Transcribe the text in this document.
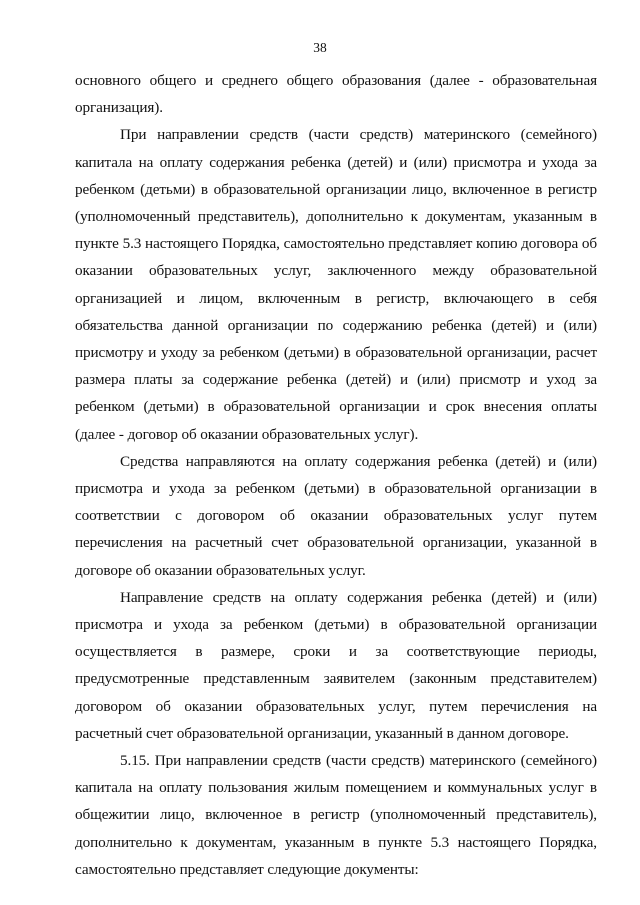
38

основного общего и среднего общего образования (далее - образовательная организация).

При направлении средств (части средств) материнского (семейного) капитала на оплату содержания ребенка (детей) и (или) присмотра и ухода за ребенком (детьми) в образовательной организации лицо, включенное в регистр (уполномоченный представитель), дополнительно к документам, указанным в пункте 5.3 настоящего Порядка, самостоятельно представляет копию договора об оказании образовательных услуг, заключенного между образовательной организацией и лицом, включенным в регистр, включающего в себя обязательства данной организации по содержанию ребенка (детей) и (или) присмотру и уходу за ребенком (детьми) в образовательной организации, расчет размера платы за содержание ребенка (детей) и (или) присмотр и уход за ребенком (детьми) в образовательной организации и срок внесения оплаты (далее - договор об оказании образовательных услуг).

Средства направляются на оплату содержания ребенка (детей) и (или) присмотра и ухода за ребенком (детьми) в образовательной организации в соответствии с договором об оказании образовательных услуг путем перечисления на расчетный счет образовательной организации, указанной в договоре об оказании образовательных услуг.

Направление средств на оплату содержания ребенка (детей) и (или) присмотра и ухода за ребенком (детьми) в образовательной организации осуществляется в размере, сроки и за соответствующие периоды, предусмотренные представленным заявителем (законным представителем) договором об оказании образовательных услуг, путем перечисления на расчетный счет образовательной организации, указанный в данном договоре.

5.15. При направлении средств (части средств) материнского (семейного) капитала на оплату пользования жилым помещением и коммунальных услуг в общежитии лицо, включенное в регистр (уполномоченный представитель), дополнительно к документам, указанным в пункте 5.3 настоящего Порядка, самостоятельно представляет следующие документы:
